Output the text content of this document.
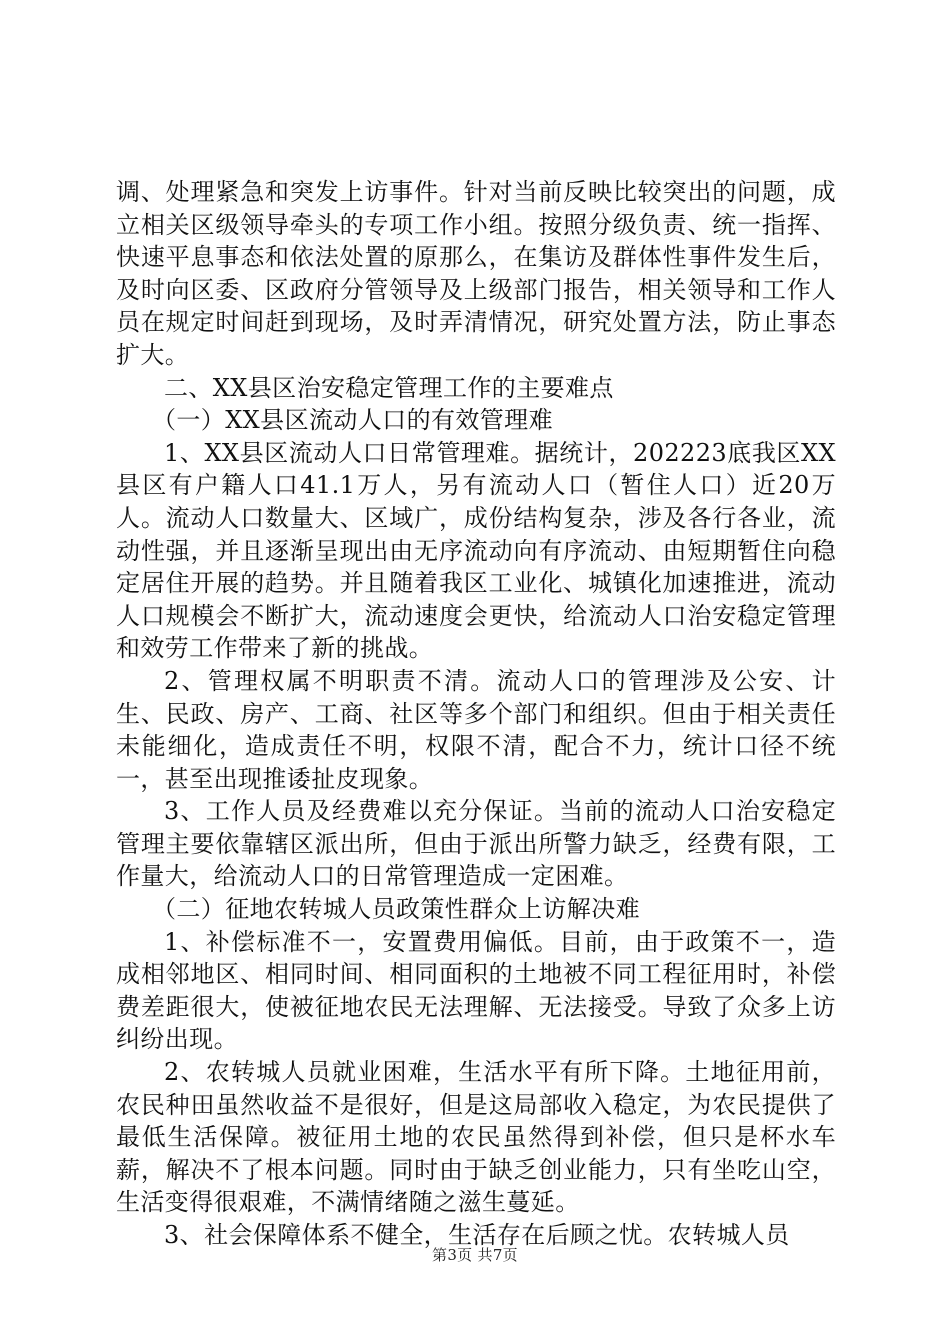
调、处理紧急和突发上访事件。针对当前反映比较突出的问题，成立相关区级领导牵头的专项工作小组。按照分级负责、统一指挥、快速平息事态和依法处置的原那么，在集访及群体性事件发生后，及时向区委、区政府分管领导及上级部门报告，相关领导和工作人员在规定时间赶到现场，及时弄清情况，研究处置方法，防止事态扩大。

二、XX县区治安稳定管理工作的主要难点

（一）XX县区流动人口的有效管理难

1、XX县区流动人口日常管理难。据统计，202223底我区XX县区有户籍人口41.1万人，另有流动人口（暂住人口）近20万人。流动人口数量大、区域广，成份结构复杂，涉及各行各业，流动性强，并且逐渐呈现出由无序流动向有序流动、由短期暂住向稳定居住开展的趋势。并且随着我区工业化、城镇化加速推进，流动人口规模会不断扩大，流动速度会更快，给流动人口治安稳定管理和效劳工作带来了新的挑战。

2、管理权属不明职责不清。流动人口的管理涉及公安、计生、民政、房产、工商、社区等多个部门和组织。但由于相关责任未能细化，造成责任不明，权限不清，配合不力，统计口径不统一，甚至出现推诿扯皮现象。

3、工作人员及经费难以充分保证。当前的流动人口治安稳定管理主要依靠辖区派出所，但由于派出所警力缺乏，经费有限，工作量大，给流动人口的日常管理造成一定困难。

（二）征地农转城人员政策性群众上访解决难

1、补偿标准不一，安置费用偏低。目前，由于政策不一，造成相邻地区、相同时间、相同面积的土地被不同工程征用时，补偿费差距很大，使被征地农民无法理解、无法接受。导致了众多上访纠纷出现。

2、农转城人员就业困难，生活水平有所下降。土地征用前，农民种田虽然收益不是很好，但是这局部收入稳定，为农民提供了最低生活保障。被征用土地的农民虽然得到补偿，但只是杯水车薪，解决不了根本问题。同时由于缺乏创业能力，只有坐吃山空，生活变得很艰难，不满情绪随之滋生蔓延。

3、社会保障体系不健全，生活存在后顾之忧。农转城人员

第3页 共7页
